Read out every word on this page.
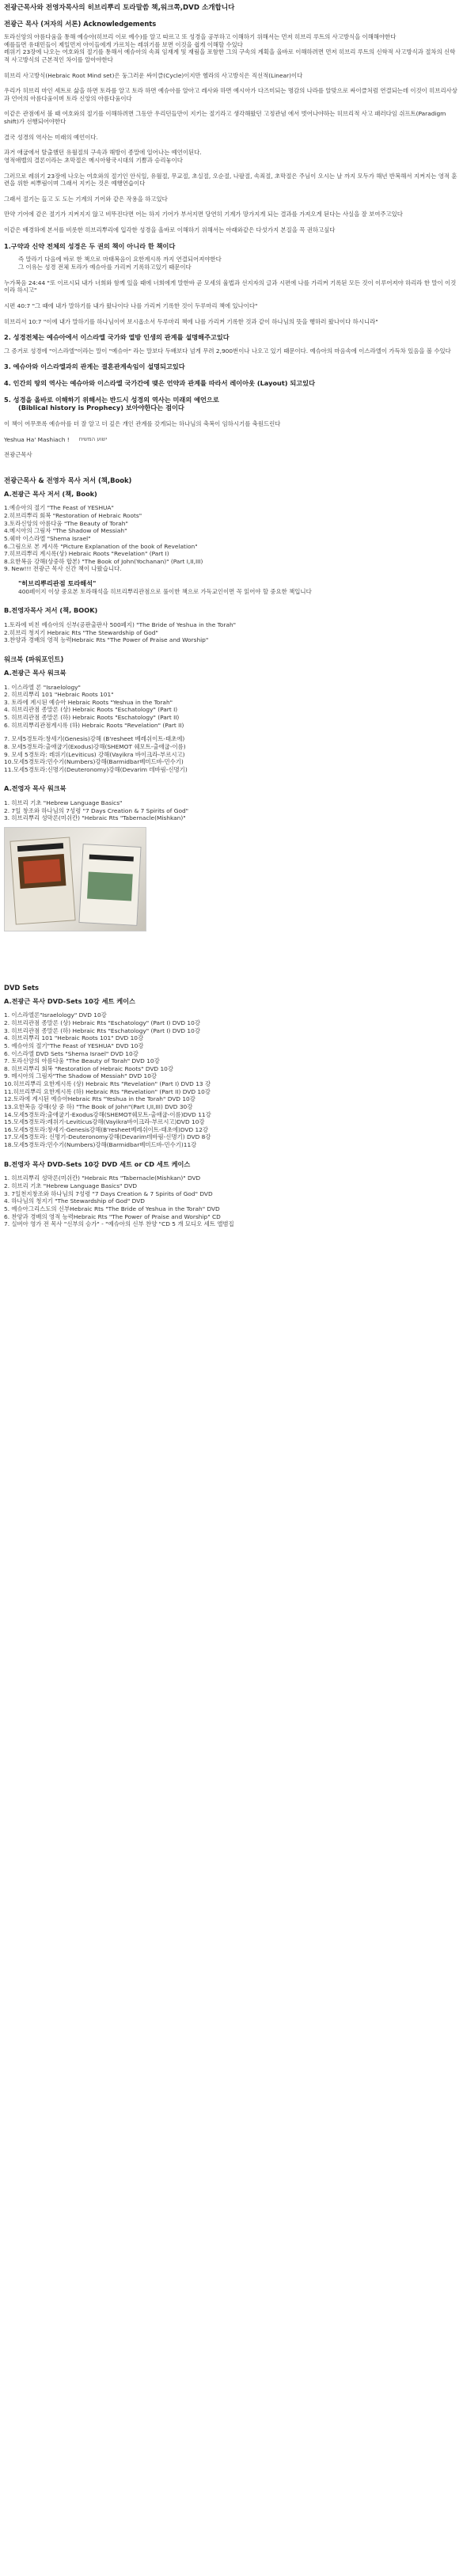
전광근목사와 전영자목사의 히브리뿌리 토라말씀 책,워크쪽,DVD 소개합니다
전광근 목사 (저자의 서론) Acknowledgements

토라신앙의 아름다움을 통해 예슈아(히브리 이로 예수)를 알고 따르고 또 성경을 공부하고 이해하기 위해서는 먼저 히브리 루트의 사고방식을 이해해야한다

예를들면 유대민들이 제일먼저 아이들에게 가르치는 레위기를 보면 이것을 쉽게 이해할 수있다

레위기 23장에 나오는 여호와의 절기를 통해서 예슈아의 속죄 임재계 및 재림을 포함한 그의 구속의 계획을 올바로 이해하려면 먼저 히브리 루트의 신학적 사고방식과 절차의 신학적 사고방식의 근본적인 차이를 알아야한다

히브리 사고방식(Hebraic Root Mind set)은 둥그러운 싸이클(Cycle)이지만 헬라의 사고방식은 직선적(Linear)이다

우리가 히브리 마인 세트로 삶을 하면 토라를 알고 토라 하면 예슈아를 알아고 레사와 하면 예시아가 다즈미되는 명감의 나라를 알맞으로 싸이클처럼 연결되는데 이것이 히브리사상과 언어의 아름다움이며 토라 신앙의 아름다움이다

이같은 관점에서 볼 때 여호와의 절기를 이해하려면 그동안 우리던들만이 지키는 절기라고 생각해왔던 고정관념 에서 벗어나야하는 히브리적 사고 패러다임 쉬프트(Paradigm shift)가 선행되어야한다

결국 성경의 역사는 미래의 예언이다.

과거 애굽에서 탈출했던 유월절의 구속과 해방이 종말에 일어나는 예언이된다.

영적애벨의 결론이라는 초막절은 메시아왕국시대의 기쁨과 승리놓이다

그러므로 레위기 23장에 나오는 여호와의 절기인 안식일, 유월절, 무교절, 초실절, 오순절, 나팔절, 속죄절, 초막절은 주님이 오시는 날 까지 모두가 해년 반복해서 지켜지는 영적 훈련을 위한 씨뿌림이며 그래서 지키는 것은 예행연습이다

그래서 절기는 들고 도 도는 기계의 기어와 같은 작용을 하고있다

만약 기어에 같은 절기가 지켜지지 않고 비뚜진다면 어는 하지 기어가 부서지면 당연히 기계가 망가지게 되는 결과를 가져오게 된다는 사실을 잘 보여주고있다

이같은 배경하에 본서를 비롯한 히브리뿌리에 입각한 성경을 올바로 이해하기 위해서는 아래와같은 다섯가지 본질을 꼭 권하고싶다

1.구약과 신약 전체의 성경은 두 권의 책이 아니라 한 책이다

즉 말라기 다음에 바로 한 책으로 마태복음이 요한계시록 까지 연결되어져야한다

그 이유는 성경 전체 토라가 예슈아를 가리켜 기록하고있기 때문이다

누가복음 24:44 "또 이르시되 내가 너희와 함께 있을 때에 너희에게 말한바 곧 모세의 율법과 선지자의 글과 시편에 나를 가리켜 기록된 모든 것이 이루어져야 하리라 한 말이 이것이라 하시고"

시편 40:7 "그 때에 내가 말하기를 내가 왔나이다 나를 가리켜 기록한 것이 두루마리 책에 있나이다"

히브리서 10:7 "이에 내가 말하기를 하나님이여 보시옵소서 두루마리 책에 나를 가리켜 기록한 것과 같이 하나님의 뜻을 행하러 왔나이다 하시니라"

2. 성경전체는 예슈아에서 이스라엘 국가와 열방 인생의 관계를 설명해주고있다

그 증거로 성경에 "이스라엘"이라는 말이 "예슈아" 라는 말보다 두배보다 넘게 무려 2,900번이나 나오고 있기 때문이다. 예슈아의 마음속에 이스라엘이 가득차 있음을 볼 수있다

3. 예슈아와 이스라엘과의 관계는 결혼관계속임이 설명되고있다
4. 인간의 땅의 역사는 예슈아와 이스라엘 국가간에 맺은 언약과 관계를 따라서 레이아웃 (Layout) 되고있다
5. 성경을 올바로 이해하기 위해서는 반드시 성경의 역사는 미래의 예언으로
(Biblical history is Prophecy) 보아야한다는 점이다

이 책이 여무쪼록 예슈아를 더 잘 알고 더 깊은 개인 관계를 갖게되는 하나님의 축복이 임하시기를 축원드린다

Yeshua Ha' Mashiach ! ישוע המשיח

전광근목사

전광근목사 & 전영자 목사 저서 (책,Book)
A.전광근 목사 저서 (책, Book)
1.예슈아의 절기 "The Feast of YESHUA"
2.히브리뿌리 회복 "Restoration of Hebraic Roots"
3.토라신앙의 아름다움 "The Beauty of Torah"
4.메시아의 그림자 "The Shadow of Messiah"
5.쉐마 이스라엘 "Shema Israel"
6.그림으로 본 계시록 "Picture Explanation of the book of Revelation"
7.히브리뿌리 계시록(상) Hebraic Roots "Revelation" (Part I)
8.요한복음 강해(상중하 합본) "The Book of John(Yochanan)" (Part I,II,III)
9. New!!! 전광근 목사 신간 책이 나왔습니다.
"히브리뿌리관점 토라해석"

400페이지 이상 중요본 토라해석을 히브리뿌리관점으로 풀이한 책으로 가독교인이면 꼭 읽어야 할 중요한 책입니다

B.전영자목사 저서 (책, BOOK)
1.토라에 비친 예슈아의 신부(공판출판사 500페지) "The Bride of Yeshua in the Torah"
2.히브리 청지기 Hebraic Rts "The Stewardship of God"
3.찬양과 경배의 영적 능력Hebraic Rts "The Power of Praise and Worship"
워크북 (파워포인트)
A.전광근 목사 워크북
1. 이스라엘 론 "Israelology"
2. 히브리뿌리 101 "Hebraic Roots 101"
3. 토라에 계시된 예슈아 Hebraic Roots "Yeshua in the Torah"
4. 히브리관점 종말론 (상) Hebraic Roots "Eschatology" (Part I)
5. 히브리관점 종말론 (하) Hebraic Roots "Eschatology" (Part II)
6. 히브리뿌리관점계시록 (하) Hebraic Roots "Revelation" (Part II)
7. 모세5경토라:창세기(Genesis)강해 (B'resheet 베레쉬이트-태초에)
8. 모세5경토라:출애굽기(Exodus)강해(SHEMOT 쉐모트-출애굽-이름)
9. 모세 5경토라: 레위기(Leviticus) 강해(Vayikra 바이크라-부르시고)
10.모세5경토라:민수기(Numbers)강해(Barmidbar베미드바-민수기)
11.모세5경토라:신명기(Deuteronomy)강해(Devarim 데바림-신명기)
A.전영자 목사 워크북
1. 히브리 기초 "Hebrew Language Basics"
2. 7일 창조와 하나님의 7성령 "7 Days Creation & 7 Spirits of God"
3. 히브리뿌리 성막론(미쉬칸) "Hebraic Rts "Tabernacle(Mishkan)"
DVD Sets
A.전광근 목사 DVD-Sets 10강 세트 케이스
1. 이스라엘론"Israelology" DVD 10강
2. 히브리관점 종말론 (상) Hebraic Rts "Eschatology" (Part I) DVD 10강
3. 히브리관점 종말론 (하) Hebraic Rts "Eschatology" (Part I) DVD 10강
4. 히브리뿌리 101 "Hebraic Roots 101" DVD 10강
5. 예슈아의 절기"The Feast of YESHUA" DVD 10강
6. 이스라엘 DVD Sets "Shema Israel" DVD 10강
7. 토라신앙의 아름다움 "The Beauty of Torah" DVD 10강
8. 히브리뿌리 회복 "Restoration of Hebraic Roots" DVD 10강
9. 메시아의 그림자"The Shadow of Messiah" DVD 10강
10.히브리뿌리 요한계시록 (상) Hebraic Rts "Revelation" (Part I) DVD 13 강
11.히브리뿌리 요한계시록 (하) Hebraic Rts "Revelation" (Part II) DVD 10강
12.토라에 계시된 예슈아Hebraic Rts "Yeshua in the Torah" DVD 10강
13.요한복음 강해(상 중 하) "The Book of John"(Part I,II,III) DVD 30강
14.모세5경토라:출애굽기-Exodus강해(SHEMOT쉐모트-출애굽-이름)DVD 11강
15.모세5경토라:레위기-Leviticus강해(Vayikra바이크라-부르시고)DVD 10강
16.모세5경토라:창세기-Genesis강해(B'resheet베레쉬이트-태초에)DVD 12강
17.모세5경토라: 신명기-Deuteronomy강해(Devarim데바림-신명기) DVD 8강
18.모세5경토라:민수기(Numbers)강해(Barmidbar베미드바-민수기)11강
B.전영자 목사 DVD-Sets 10강 DVD 세트 or CD 세트 케이스
1. 히브리뿌리 성막론(미쉬칸) "Hebraic Rts "Tabernacle(Mishkan)" DVD
2. 히브리 기초 "Hebrew Language Basics" DVD
3. 7일천지창조와 하나님의 7성령 "7 Days Creation & 7 Spirits of God" DVD
4. 하나님의 청지기 "The Stewardship of God" DVD
5. 예슈아그리스도의 신부Hebraic Rts "The Bride of Yeshua in the Torah" DVD
6. 찬양과 경배의 영적 능력Hebraic Rts "The Power of Praise and Worship" CD
7. 실버아 영가 전 목사 "신부의 승가" - "예슈아의 신부 찬양 "CD 5 개 묘디오 세트 앨범집
